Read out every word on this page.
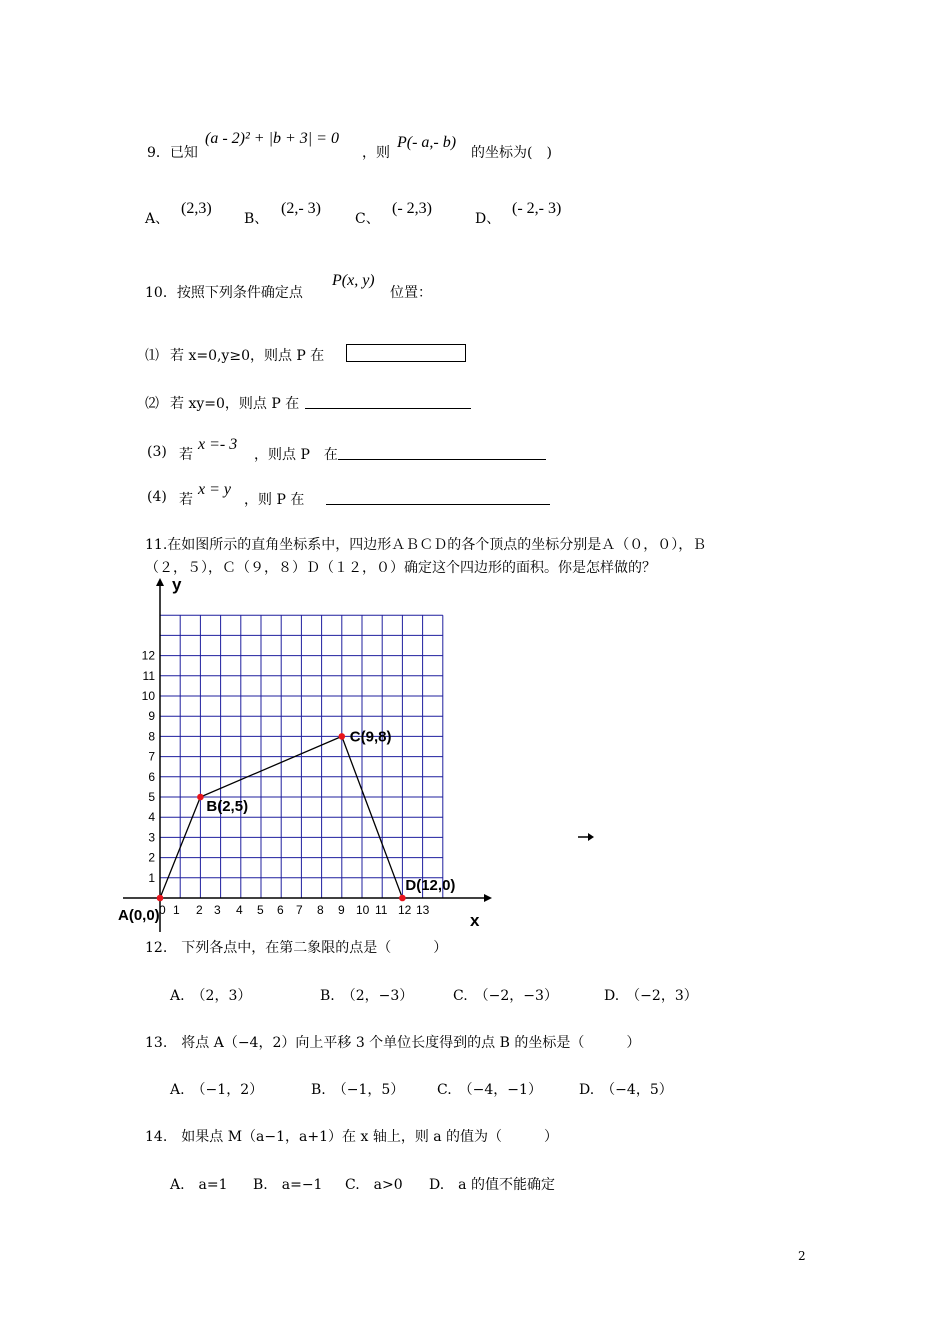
9．已知
(a - 2)² + |b + 3| = 0
，则
P(- a,- b)
的坐标为(　)
A、
(2,3)
B、
(2,- 3)
C、
(- 2,3)
D、
(- 2,- 3)
10．按照下列条件确定点
P(x, y)
位置：
⑴ 若 x=0,y≥0，则点 P 在
⑵ 若 xy=0，则点 P 在
(3) 若
x =- 3
，则点 P　在
(4) 若
x = y
，则 P 在
11.在如图所示的直角坐标系中，四边形ＡＢＣＤ的各个顶点的坐标分别是Ａ（０，０），Ｂ
（２，５），Ｃ（９，８）Ｄ（１２，０）确定这个四边形的面积。你是怎样做的？
x
y
0 1 2 3 4 5 6 7 8 9 10 11 12 13
1
2
3
4
5
6
7
8
9
10
11
12
A(0,0)
B(2,5)
C(9,8)
D(12,0)
12.　下列各点中，在第二象限的点是（　　　）
A.　（2，3）	B.　（2，−3）	C.　（−2，−3）	D.　（−2，3）
13.　将点 A（−4，2）向上平移 3 个单位长度得到的点 B 的坐标是（　　　）
A.　（−1，2）	B.　（−1，5） C.　（−4，−1）	D.　（−4，5）
14.　如果点 M（a−1，a+1）在 x 轴上，则 a 的值为（　　　）
A.　a=1 B.　a=−1 C.　a>0 D.　a 的值不能确定
2
